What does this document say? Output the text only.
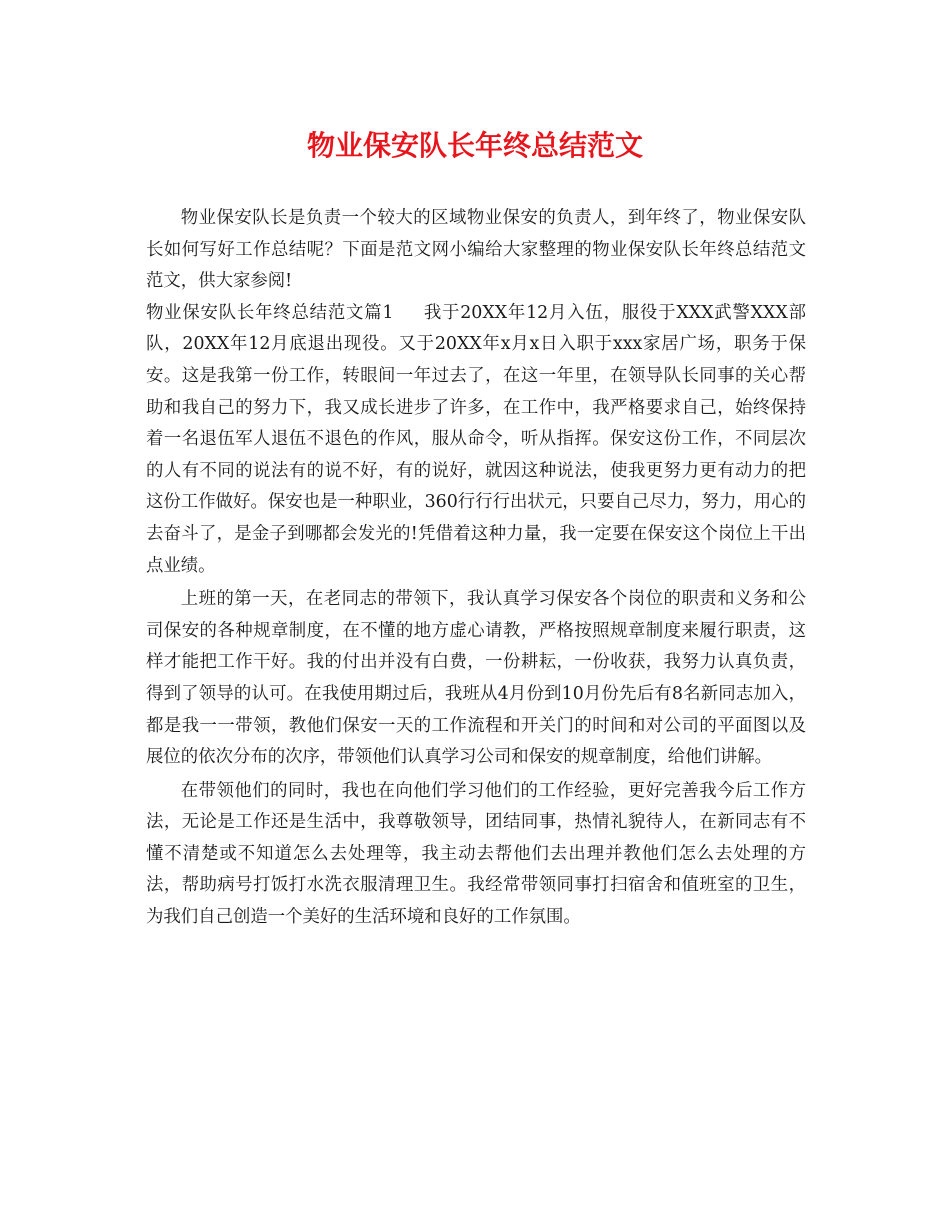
物业保安队长年终总结范文

物业保安队长是负责一个较大的区域物业保安的负责人，到年终了，物业保安队长如何写好工作总结呢？下面是范文网小编给大家整理的物业保安队长年终总结范文范文，供大家参阅!

物业保安队长年终总结范文篇1 我于20XX年12月入伍，服役于XXX武警XXX部队，20XX年12月底退出现役。又于20XX年x月x日入职于xxx家居广场，职务于保安。这是我第一份工作，转眼间一年过去了，在这一年里，在领导队长同事的关心帮助和我自己的努力下，我又成长进步了许多，在工作中，我严格要求自己，始终保持着一名退伍军人退伍不退色的作风，服从命令，听从指挥。保安这份工作，不同层次的人有不同的说法有的说不好，有的说好，就因这种说法，使我更努力更有动力的把这份工作做好。保安也是一种职业，360行行行出状元，只要自己尽力，努力，用心的去奋斗了，是金子到哪都会发光的!凭借着这种力量，我一定要在保安这个岗位上干出点业绩。

上班的第一天，在老同志的带领下，我认真学习保安各个岗位的职责和义务和公司保安的各种规章制度，在不懂的地方虚心请教，严格按照规章制度来履行职责，这样才能把工作干好。我的付出并没有白费，一份耕耘，一份收获，我努力认真负责，得到了领导的认可。在我使用期过后，我班从4月份到10月份先后有8名新同志加入，都是我一一带领，教他们保安一天的工作流程和开关门的时间和对公司的平面图以及展位的依次分布的次序，带领他们认真学习公司和保安的规章制度，给他们讲解。

在带领他们的同时，我也在向他们学习他们的工作经验，更好完善我今后工作方法，无论是工作还是生活中，我尊敬领导，团结同事，热情礼貌待人，在新同志有不懂不清楚或不知道怎么去处理等，我主动去帮他们去出理并教他们怎么去处理的方法，帮助病号打饭打水洗衣服清理卫生。我经常带领同事打扫宿舍和值班室的卫生，为我们自己创造一个美好的生活环境和良好的工作氛围。
